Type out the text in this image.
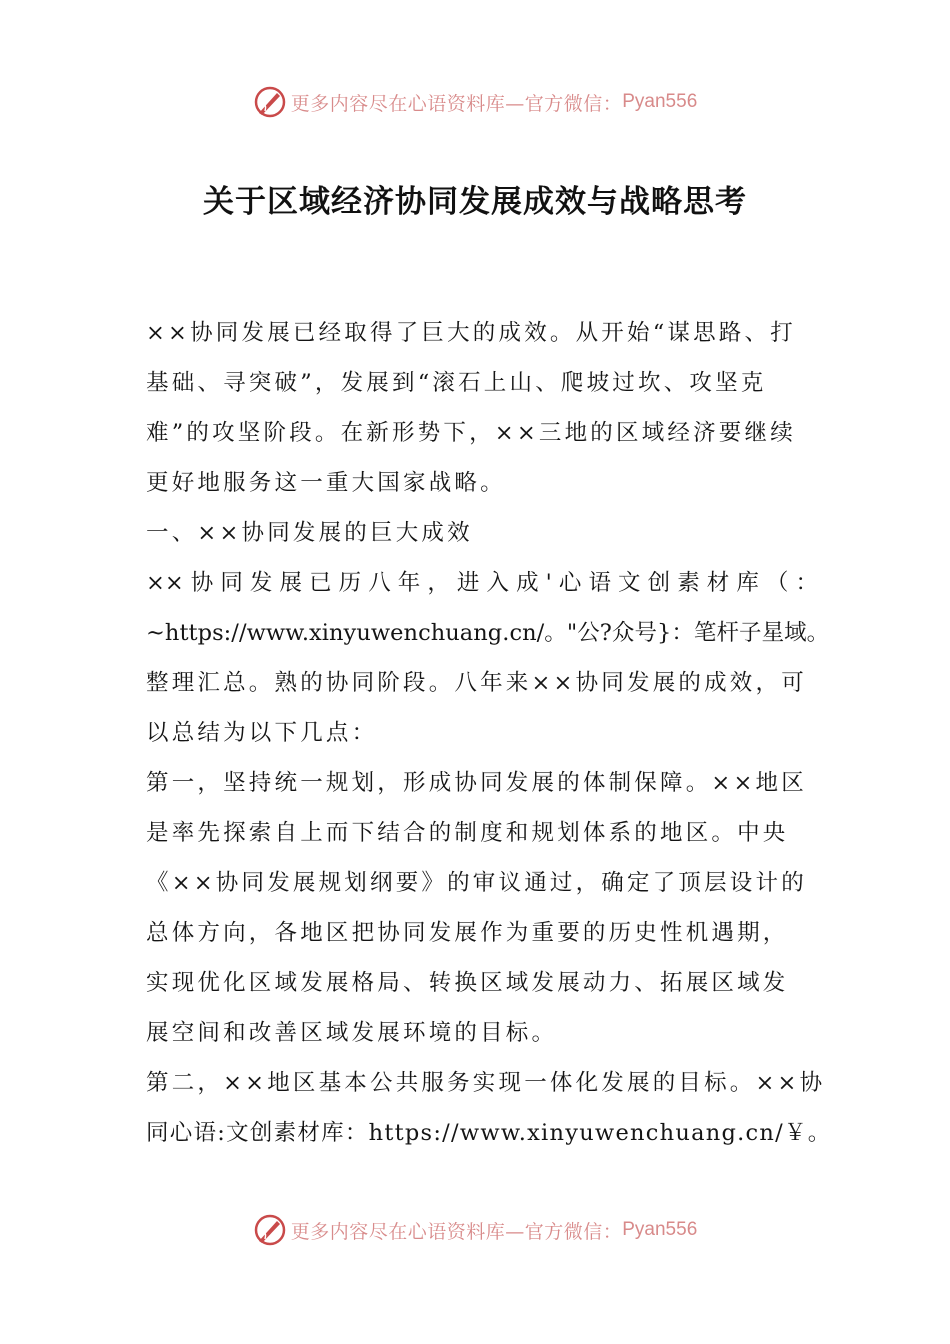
更多内容尽在心语资料库—官方微信： Pyan556
关于区域经济协同发展成效与战略思考
××协同发展已经取得了巨大的成效。从开始“谋思路、打
基础、寻突破”，发展到“滚石上山、爬坡过坎、攻坚克
难”的攻坚阶段。在新形势下，××三地的区域经济要继续
更好地服务这一重大国家战略。
一、××协同发展的巨大成效
××协同发展已历八年，进入成'心语文创素材库（：
~https://www.xinyuwenchuang.cn/。"公?众号}：笔杆子星域。
整理汇总。熟的协同阶段。八年来××协同发展的成效，可
以总结为以下几点：
第一，坚持统一规划，形成协同发展的体制保障。××地区
是率先探索自上而下结合的制度和规划体系的地区。中央
《××协同发展规划纲要》的审议通过，确定了顶层设计的
总体方向，各地区把协同发展作为重要的历史性机遇期，
实现优化区域发展格局、转换区域发展动力、拓展区域发
展空间和改善区域发展环境的目标。
第二，××地区基本公共服务实现一体化发展的目标。××协
同心语:文创素材库：https://www.xinyuwenchuang.cn/￥。
更多内容尽在心语资料库—官方微信： Pyan556
